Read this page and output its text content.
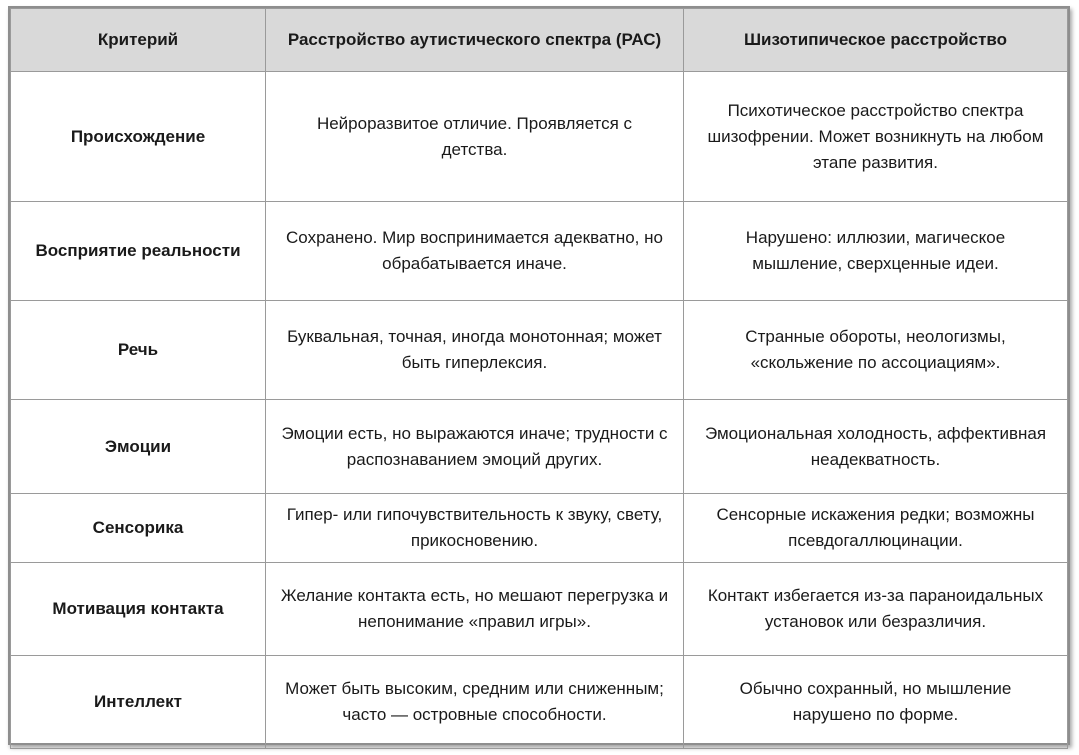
Критерий	Расстройство аутистического спектра (РАС)	Шизотипическое расстройство
Происхождение	Нейроразвитое отличие. Проявляется с детства.	Психотическое расстройство спектра шизофрении. Может возникнуть на любом этапе развития.
Восприятие реальности	Сохранено. Мир воспринимается адекватно, но обрабатывается иначе.	Нарушено: иллюзии, магическое мышление, сверхценные идеи.

Речь	Буквальная, точная, иногда монотонная; может быть гиперлексия.	Странные обороты, неологизмы, «скольжение по ассоциациям».

Эмоции	Эмоции есть, но выражаются иначе; трудности с распознаванием эмоций других.	Эмоциональная холодность, аффективная неадекватность.
Сенсорика	Гипер- или гипочувствительность к звуку, свету, прикосновению.	Сенсорные искажения редки; возможны псевдогаллюцинации.

Мотивация контакта	Желание контакта есть, но мешают перегрузка и непонимание «правил игры».	Контакт избегается из-за параноидальных установок или безразличия.
Интеллект	Может быть высоким, средним или сниженным; часто — островные способности.	Обычно сохранный, но мышление нарушено по форме.
